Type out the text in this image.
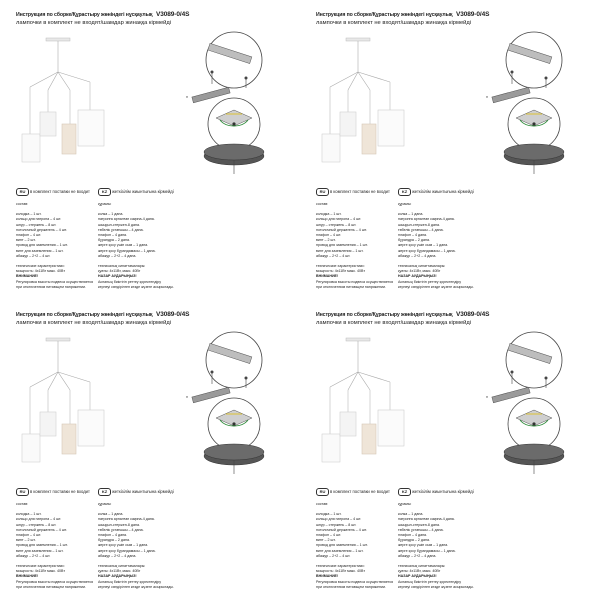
Инструкция по сборке/Құрастыру жөніндегі нұсқаулық V3089-0/4S
лампочки в комплект не входят/шамдар жинаққа кірмейді
*
RU	в комплект поставки не входит	KZ	жеткізілім жиынтығына кірмейді
состав:
колодка – 1 шт.
кольцо для патрона – 4 шт.
шнур – стержень – 8 шт.
потолочный держатель – 4 шт.
плафон – 4 шт.
винт – 2 шт.
провод для заземления – 1 шт.
винт для заземления – 1 шт.
абажур – 2+2 – 4 шт.
технические характеристики:
мощность: 4х11Вт макс. 40Вт
ВНИМАНИЕ!
Регулировка высоты подвеса осуществляется
при отключенном питающем напряжении.
құрамы:
колка – 1 дана.
патронға арналған сақина-4 дана.
шыңқыл-стержен-8 дана.
төбелік ұстағышы – 4 дана.
плафон – 4 дана.
бұрандра – 2 дана.
жерге қосу үшін сым – 1 дана.
жерге қосу бұрандамасы – 1 дана.
абажур – 2+2 – 4 дана.
техникалық сипаттамалары:
қуаты: 4х11Вт, макс. 40Вт
НАЗАР АУДАРЫҢЫЗ!
Аспаның биіктігін реттеу қоректендіру
кернеуі сөндірілген кезде жүзеге асырылады.
Инструкция по сборке/Құрастыру жөніндегі нұсқаулық V3089-0/4S
лампочки в комплект не входят/шамдар жинаққа кірмейді
*
RU	в комплект поставки не входит	KZ	жеткізілім жиынтығына кірмейді
состав:
колодка – 1 шт.
кольцо для патрона – 4 шт.
шнур – стержень – 8 шт.
потолочный держатель – 4 шт.
плафон – 4 шт.
винт – 2 шт.
провод для заземления – 1 шт.
винт для заземления – 1 шт.
абажур – 2+2 – 4 шт.
технические характеристики:
мощность: 4х11Вт макс. 40Вт
ВНИМАНИЕ!
Регулировка высоты подвеса осуществляется
при отключенном питающем напряжении.
құрамы:
колка – 1 дана.
патронға арналған сақина-4 дана.
шыңқыл-стержен-8 дана.
төбелік ұстағышы – 4 дана.
плафон – 4 дана.
бұрандра – 2 дана.
жерге қосу үшін сым – 1 дана.
жерге қосу бұрандамасы – 1 дана.
абажур – 2+2 – 4 дана.
техникалық сипаттамалары:
қуаты: 4х11Вт, макс. 40Вт
НАЗАР АУДАРЫҢЫЗ!
Аспаның биіктігін реттеу қоректендіру
кернеуі сөндірілген кезде жүзеге асырылады.
Инструкция по сборке/Құрастыру жөніндегі нұсқаулық V3089-0/4S
лампочки в комплект не входят/шамдар жинаққа кірмейді
*
RU	в комплект поставки не входит	KZ	жеткізілім жиынтығына кірмейді
состав:
колодка – 1 шт.
кольцо для патрона – 4 шт.
шнур – стержень – 8 шт.
потолочный держатель – 4 шт.
плафон – 4 шт.
винт – 2 шт.
провод для заземления – 1 шт.
винт для заземления – 1 шт.
абажур – 2+2 – 4 шт.
технические характеристики:
мощность: 4х11Вт макс. 40Вт
ВНИМАНИЕ!
Регулировка высоты подвеса осуществляется
при отключенном питающем напряжении.
құрамы:
колка – 1 дана.
патронға арналған сақина-4 дана.
шыңқыл-стержен-8 дана.
төбелік ұстағышы – 4 дана.
плафон – 4 дана.
бұрандра – 2 дана.
жерге қосу үшін сым – 1 дана.
жерге қосу бұрандамасы – 1 дана.
абажур – 2+2 – 4 дана.
техникалық сипаттамалары:
қуаты: 4х11Вт, макс. 40Вт
НАЗАР АУДАРЫҢЫЗ!
Аспаның биіктігін реттеу қоректендіру
кернеуі сөндірілген кезде жүзеге асырылады.
Инструкция по сборке/Құрастыру жөніндегі нұсқаулық V3089-0/4S
лампочки в комплект не входят/шамдар жинаққа кірмейді
*
RU	в комплект поставки не входит	KZ	жеткізілім жиынтығына кірмейді
состав:
колодка – 1 шт.
кольцо для патрона – 4 шт.
шнур – стержень – 8 шт.
потолочный держатель – 4 шт.
плафон – 4 шт.
винт – 2 шт.
провод для заземления – 1 шт.
винт для заземления – 1 шт.
абажур – 2+2 – 4 шт.
технические характеристики:
мощность: 4х11Вт макс. 40Вт
ВНИМАНИЕ!
Регулировка высоты подвеса осуществляется
при отключенном питающем напряжении.
құрамы:
колка – 1 дана.
патронға арналған сақина-4 дана.
шыңқыл-стержен-8 дана.
төбелік ұстағышы – 4 дана.
плафон – 4 дана.
бұрандра – 2 дана.
жерге қосу үшін сым – 1 дана.
жерге қосу бұрандамасы – 1 дана.
абажур – 2+2 – 4 дана.
техникалық сипаттамалары:
қуаты: 4х11Вт, макс. 40Вт
НАЗАР АУДАРЫҢЫЗ!
Аспаның биіктігін реттеу қоректендіру
кернеуі сөндірілген кезде жүзеге асырылады.
